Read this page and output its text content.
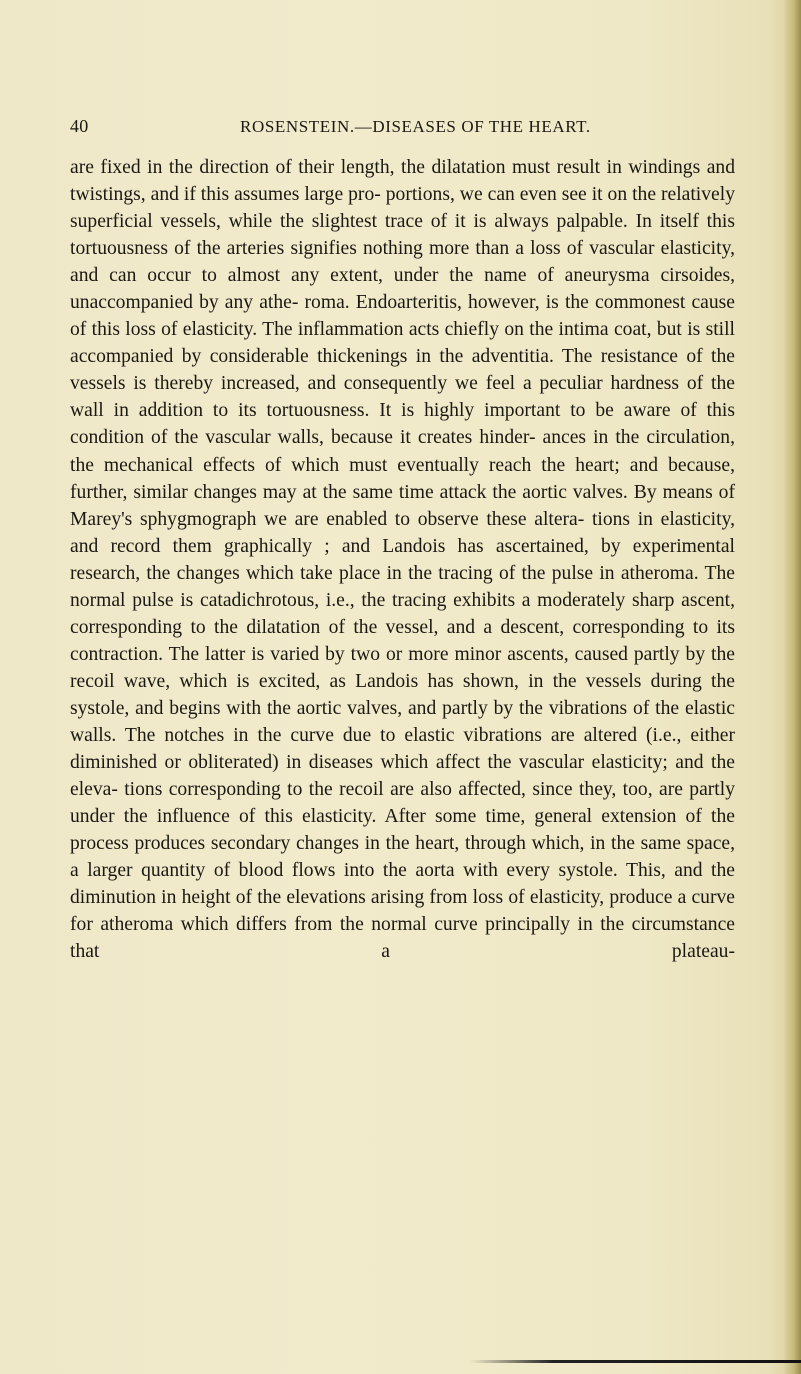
40	ROSENSTEIN.—DISEASES OF THE HEART.

are fixed in the direction of their length, the dilatation must result in windings and twistings, and if this assumes large pro- portions, we can even see it on the relatively superficial vessels, while the slightest trace of it is always palpable. In itself this tortuousness of the arteries signifies nothing more than a loss of vascular elasticity, and can occur to almost any extent, under the name of aneurysma cirsoides, unaccompanied by any athe- roma. Endoarteritis, however, is the commonest cause of this loss of elasticity. The inflammation acts chiefly on the intima coat, but is still accompanied by considerable thickenings in the adventitia. The resistance of the vessels is thereby increased, and consequently we feel a peculiar hardness of the wall in addition to its tortuousness. It is highly important to be aware of this condition of the vascular walls, because it creates hinder- ances in the circulation, the mechanical effects of which must eventually reach the heart; and because, further, similar changes may at the same time attack the aortic valves. By means of Marey's sphygmograph we are enabled to observe these altera- tions in elasticity, and record them graphically ; and Landois has ascertained, by experimental research, the changes which take place in the tracing of the pulse in atheroma. The normal pulse is catadichrotous, i.e., the tracing exhibits a moderately sharp ascent, corresponding to the dilatation of the vessel, and a descent, corresponding to its contraction. The latter is varied by two or more minor ascents, caused partly by the recoil wave, which is excited, as Landois has shown, in the vessels during the systole, and begins with the aortic valves, and partly by the vibrations of the elastic walls. The notches in the curve due to elastic vibrations are altered (i.e., either diminished or obliterated) in diseases which affect the vascular elasticity; and the eleva- tions corresponding to the recoil are also affected, since they, too, are partly under the influence of this elasticity. After some time, general extension of the process produces secondary changes in the heart, through which, in the same space, a larger quantity of blood flows into the aorta with every systole. This, and the diminution in height of the elevations arising from loss of elasticity, produce a curve for atheroma which differs from the normal curve principally in the circumstance that a plateau-
